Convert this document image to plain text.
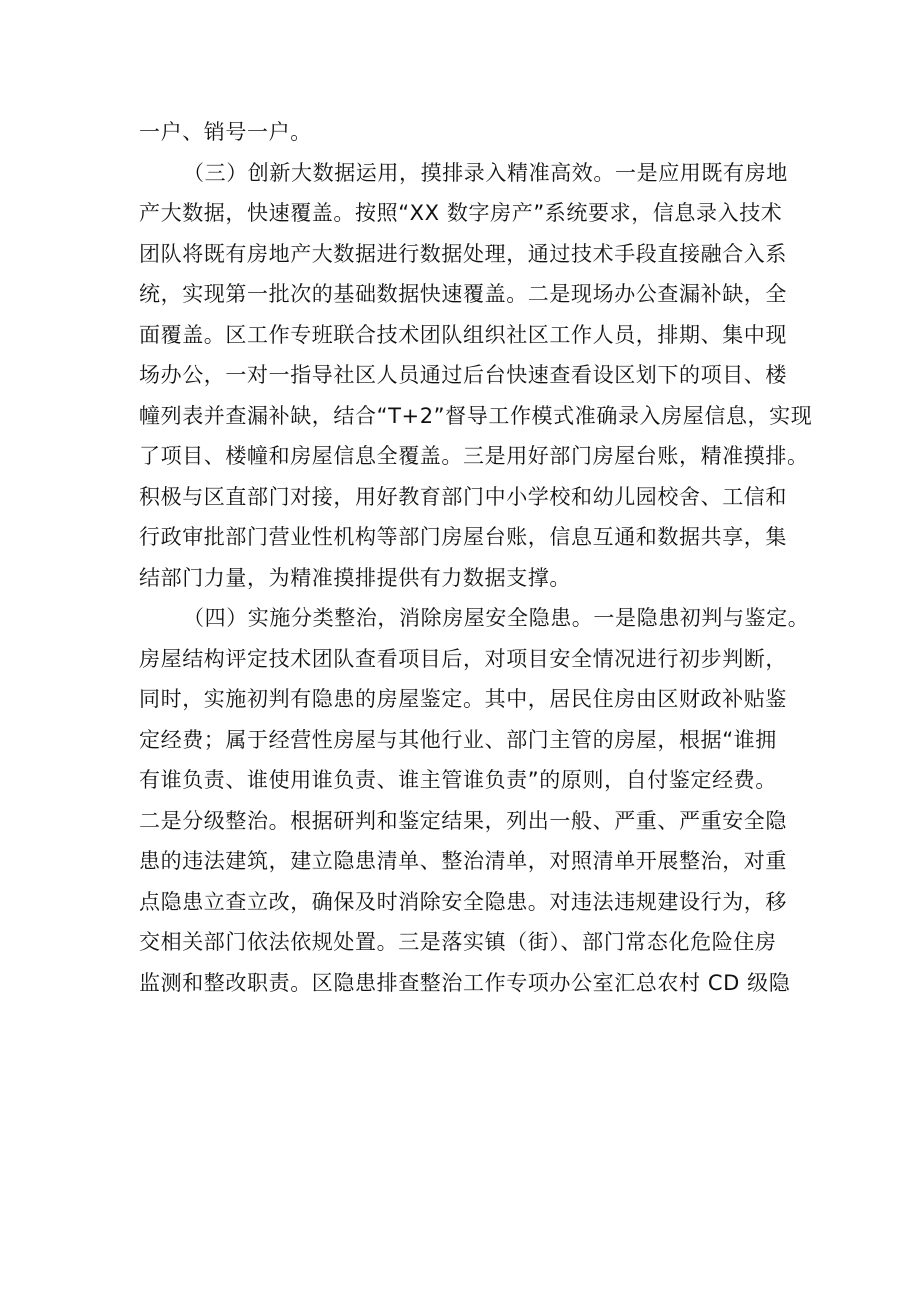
一户、销号一户。
（三）创新大数据运用，摸排录入精准高效。一是应用既有房地
产大数据，快速覆盖。按照“XX 数字房产”系统要求，信息录入技术
团队将既有房地产大数据进行数据处理，通过技术手段直接融合入系
统，实现第一批次的基础数据快速覆盖。二是现场办公查漏补缺，全
面覆盖。区工作专班联合技术团队组织社区工作人员，排期、集中现
场办公，一对一指导社区人员通过后台快速查看设区划下的项目、楼
幢列表并查漏补缺，结合“T+2”督导工作模式准确录入房屋信息，实现
了项目、楼幢和房屋信息全覆盖。三是用好部门房屋台账，精准摸排。
积极与区直部门对接，用好教育部门中小学校和幼儿园校舍、工信和
行政审批部门营业性机构等部门房屋台账，信息互通和数据共享，集
结部门力量，为精准摸排提供有力数据支撑。
（四）实施分类整治，消除房屋安全隐患。一是隐患初判与鉴定。
房屋结构评定技术团队查看项目后，对项目安全情况进行初步判断，
同时，实施初判有隐患的房屋鉴定。其中，居民住房由区财政补贴鉴
定经费；属于经营性房屋与其他行业、部门主管的房屋，根据“谁拥
有谁负责、谁使用谁负责、谁主管谁负责”的原则，自付鉴定经费。
二是分级整治。根据研判和鉴定结果，列出一般、严重、严重安全隐
患的违法建筑，建立隐患清单、整治清单，对照清单开展整治，对重
点隐患立查立改，确保及时消除安全隐患。对违法违规建设行为，移
交相关部门依法依规处置。三是落实镇（街）、部门常态化危险住房
监测和整改职责。区隐患排查整治工作专项办公室汇总农村 CD 级隐
